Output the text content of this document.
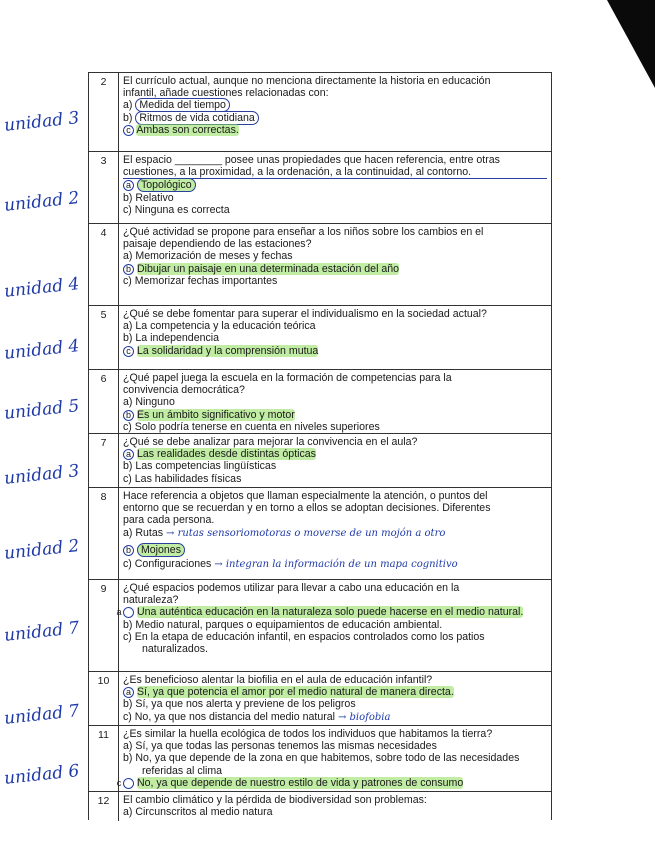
unidad 3
unidad 2
unidad 4
unidad 4
unidad 5
unidad 3
unidad 2
unidad 7
unidad 7
unidad 6
2	El currículo actual, aunque no menciona directamente la historia en educación
infantil, añade cuestiones relacionadas con:
a) Medida del tiempo
b) Ritmos de vida cotidiana
c Ambas son correctas.
3	El espacio ________ posee unas propiedades que hacen referencia, entre otras
cuestiones, a la proximidad, a la ordenación, a la continuidad, al contorno.
a Topológico
b) Relativo
c) Ninguna es correcta
4	¿Qué actividad se propone para enseñar a los niños sobre los cambios en el
paisaje dependiendo de las estaciones?
a) Memorización de meses y fechas
b Dibujar un paisaje en una determinada estación del año
c) Memorizar fechas importantes
5	¿Qué se debe fomentar para superar el individualismo en la sociedad actual?
a) La competencia y la educación teórica
b) La independencia
c La solidaridad y la comprensión mutua
6	¿Qué papel juega la escuela en la formación de competencias para la
convivencia democrática?
a) Ninguno
b Es un ámbito significativo y motor
c) Solo podría tenerse en cuenta en niveles superiores
7	¿Qué se debe analizar para mejorar la convivencia en el aula?
a Las realidades desde distintas ópticas
b) Las competencias lingüísticas
c) Las habilidades físicas
8	Hace referencia a objetos que llaman especialmente la atención, o puntos del
entorno que se recuerdan y en torno a ellos se adoptan decisiones. Diferentes
para cada persona.
a) Rutas → rutas sensoriomotoras o moverse de un mojón a otro
b Mojones
c) Configuraciones → integran la información de un mapa cognitivo
9	¿Qué espacios podemos utilizar para llevar a cabo una educación en la
naturaleza?
a Una auténtica educación en la naturaleza solo puede hacerse en el medio natural.
b) Medio natural, parques o equipamientos de educación ambiental.
c) En la etapa de educación infantil, en espacios controlados como los patios naturalizados.
10	¿Es beneficioso alentar la biofilia en el aula de educación infantil?
a Sí, ya que potencia el amor por el medio natural de manera directa.
b) Sí, ya que nos alerta y previene de los peligros
c) No, ya que nos distancia del medio natural → biofobia
11	¿Es similar la huella ecológica de todos los individuos que habitamos la tierra?
a) Sí, ya que todas las personas tenemos las mismas necesidades
b) No, ya que depende de la zona en que habitemos, sobre todo de las necesidades referidas al clima
c No, ya que depende de nuestro estilo de vida y patrones de consumo
12	El cambio climático y la pérdida de biodiversidad son problemas:
a) Circunscritos al medio natura
